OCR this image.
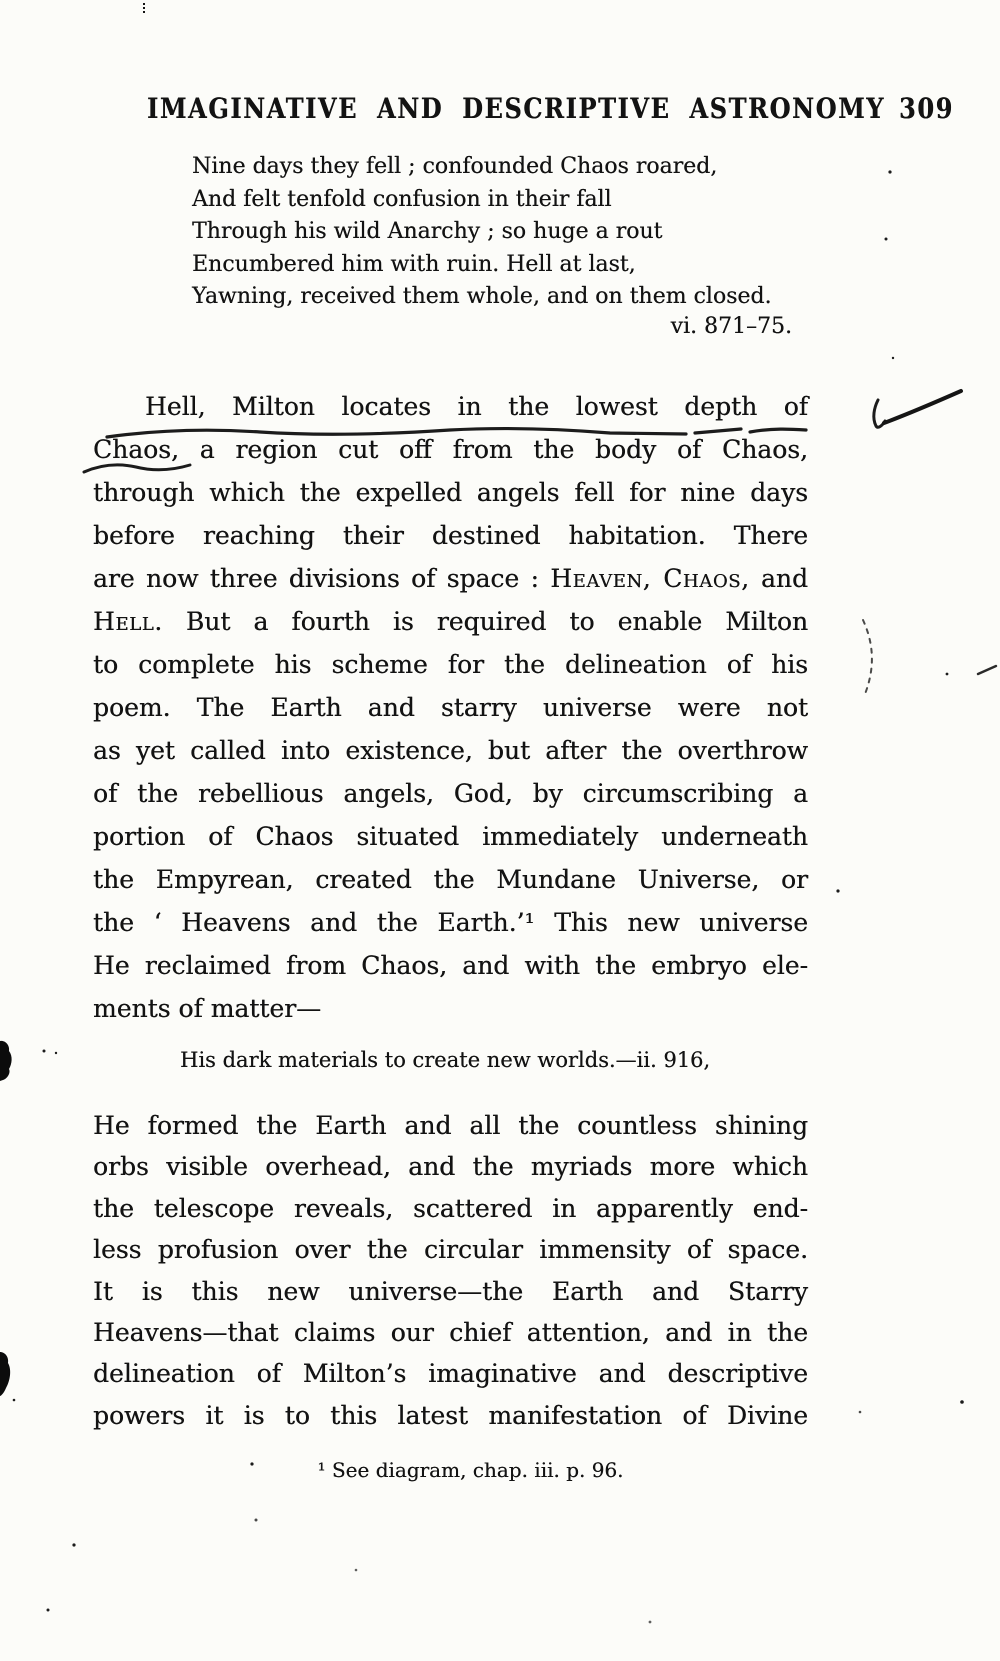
IMAGINATIVE AND DESCRIPTIVE ASTRONOMY 309
Nine days they fell ; confounded Chaos roared,
And felt tenfold confusion in their fall
Through his wild Anarchy ; so huge a rout
Encumbered him with ruin. Hell at last,
Yawning, received them whole, and on them closed.
vi. 871–75.
Hell, Milton locates in the lowest depth of
Chaos, a region cut off from the body of Chaos,
through which the expelled angels fell for nine days
before reaching their destined habitation. There
are now three divisions of space : Heaven, Chaos, and
Hell. But a fourth is required to enable Milton
to complete his scheme for the delineation of his
poem. The Earth and starry universe were not
as yet called into existence, but after the overthrow
of the rebellious angels, God, by circumscribing a
portion of Chaos situated immediately underneath
the Empyrean, created the Mundane Universe, or
the ‘ Heavens and the Earth.’¹ This new universe
He reclaimed from Chaos, and with the embryo ele-
ments of matter—
His dark materials to create new worlds.—ii. 916,
He formed the Earth and all the countless shining
orbs visible overhead, and the myriads more which
the telescope reveals, scattered in apparently end-
less profusion over the circular immensity of space.
It is this new universe—the Earth and Starry
Heavens—that claims our chief attention, and in the
delineation of Milton’s imaginative and descriptive
powers it is to this latest manifestation of Divine
¹ See diagram, chap. iii. p. 96.
